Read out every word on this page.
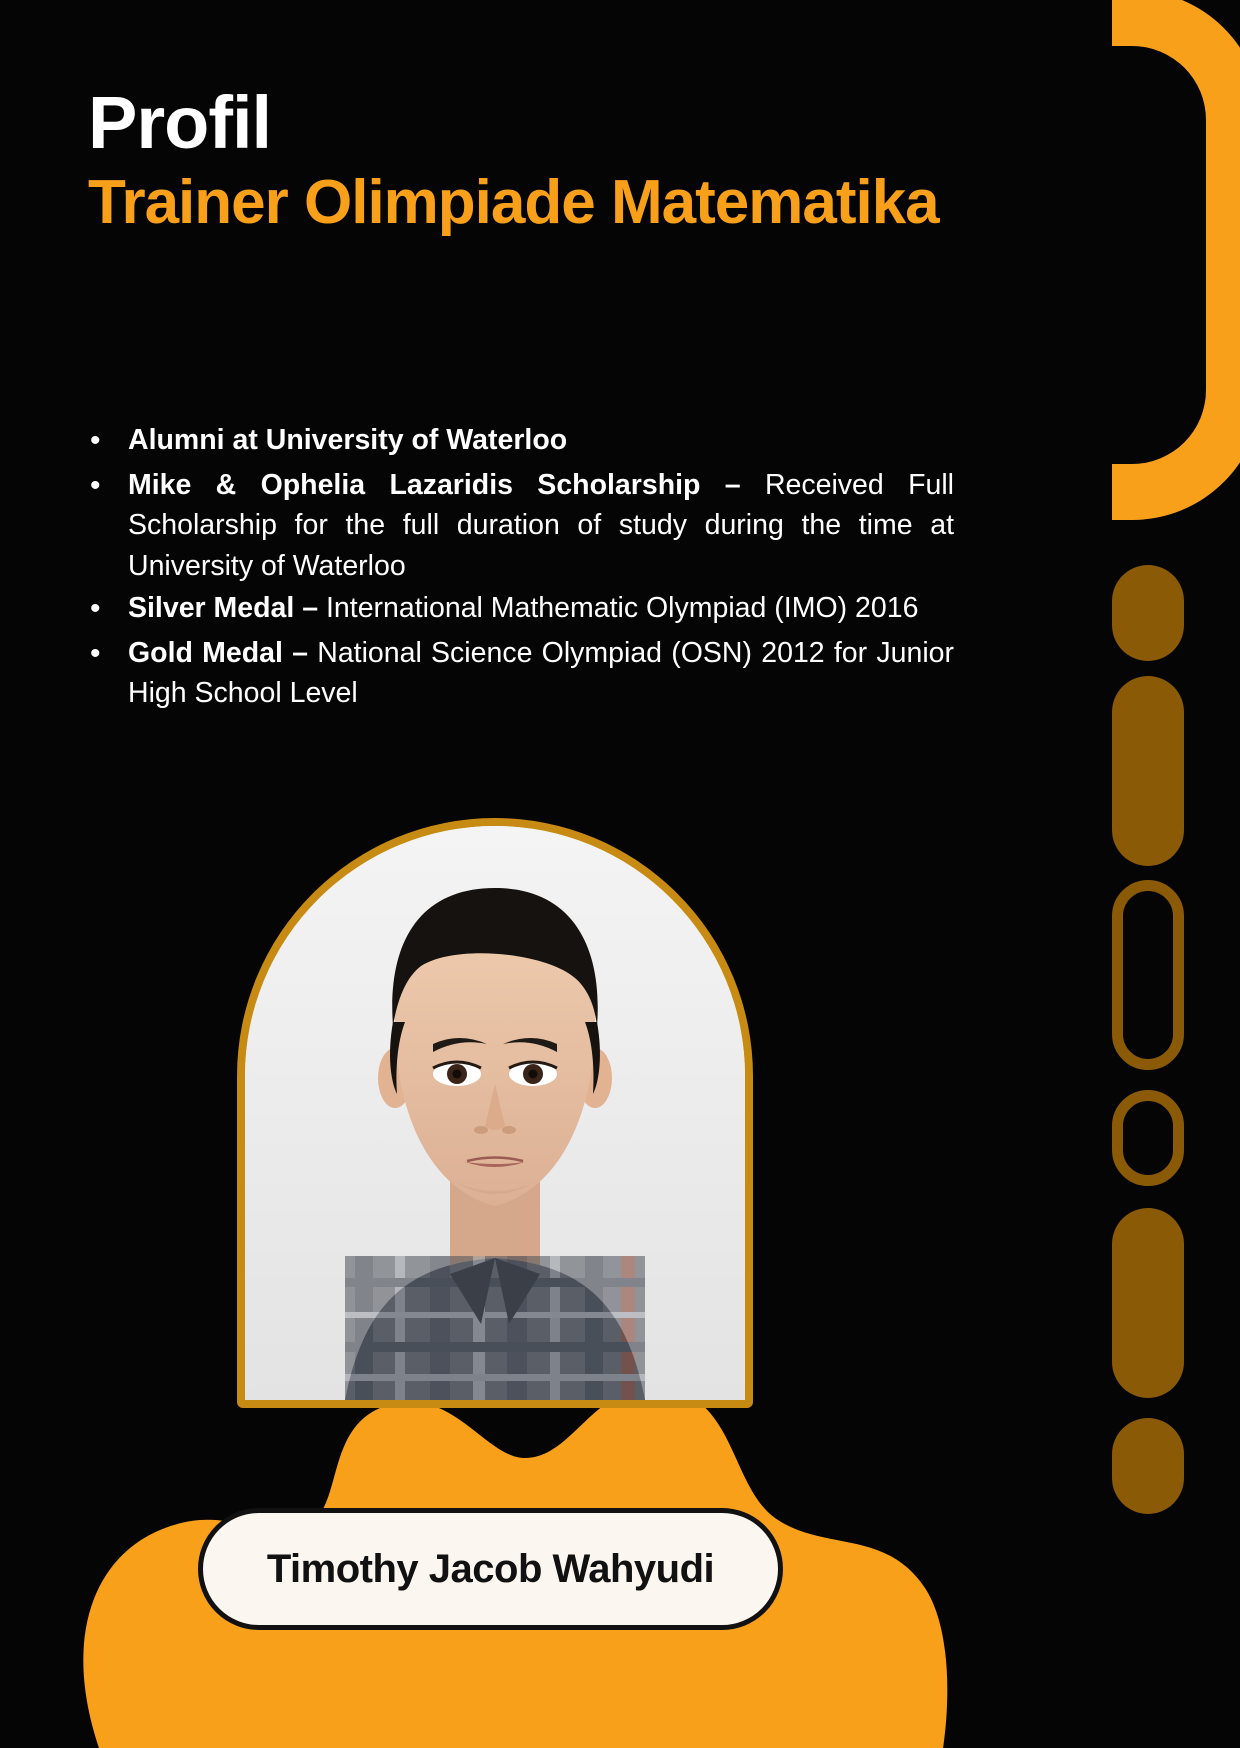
Profil
Trainer Olimpiade Matematika
• Alumni at University of Waterloo
• Mike & Ophelia Lazaridis Scholarship – Received Full Scholarship for the full duration of study during the time at University of Waterloo
• Silver Medal – International Mathematic Olympiad (IMO) 2016
• Gold Medal – National Science Olympiad (OSN) 2012 for Junior High School Level
Timothy Jacob Wahyudi
